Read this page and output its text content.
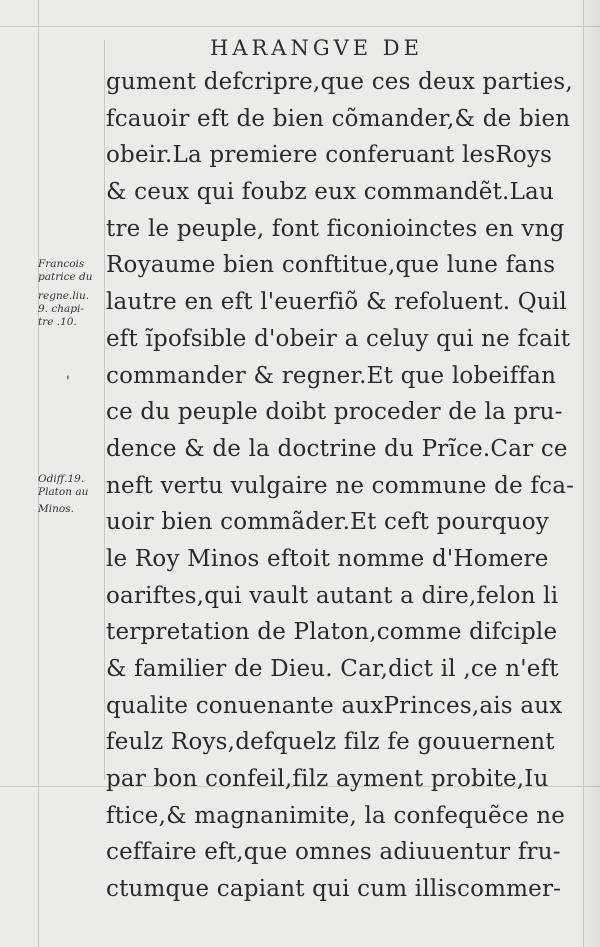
HARANGVE DE
gument defcripre,que ces deux parties,
fcauoir eft de bien cõmander,& de bien
obeir.La premiere conferuant lesRoys
& ceux qui foubz eux commandẽt.Lau
tre le peuple, font ficonioinctes en vng
Royaume bien conftitue,que lune fans
lautre en eft l'euerfiõ & refoluent. Quil
eft ĩpofsible d'obeir a celuy qui ne fcait
commander & regner.Et que lobeiffan
ce du peuple doibt proceder de la pru-
dence & de la doctrine du Prĩce.Car ce
neft vertu vulgaire ne commune de fca-
uoir bien commãder.Et ceft pourquoy
le Roy Minos eftoit nomme d'Homere
oariftes,qui vault autant a dire,felon li
terpretation de Platon,comme difciple
& familier de Dieu. Car,dict il ,ce n'eft
qualite conuenante auxPrinces,ais aux
feulz Roys,defquelz filz fe gouuernent
par bon confeil,filz ayment probite,Iu
ftice,& magnanimite, la confequẽce ne
ceffaire eft,que omnes adiuuentur fru-
ctumque capiant qui cum illiscommer-
Francois
patrice du
regne.liu.
9. chapi-
tre .10.
'
Odiff.19.
Platon au
Minos.
